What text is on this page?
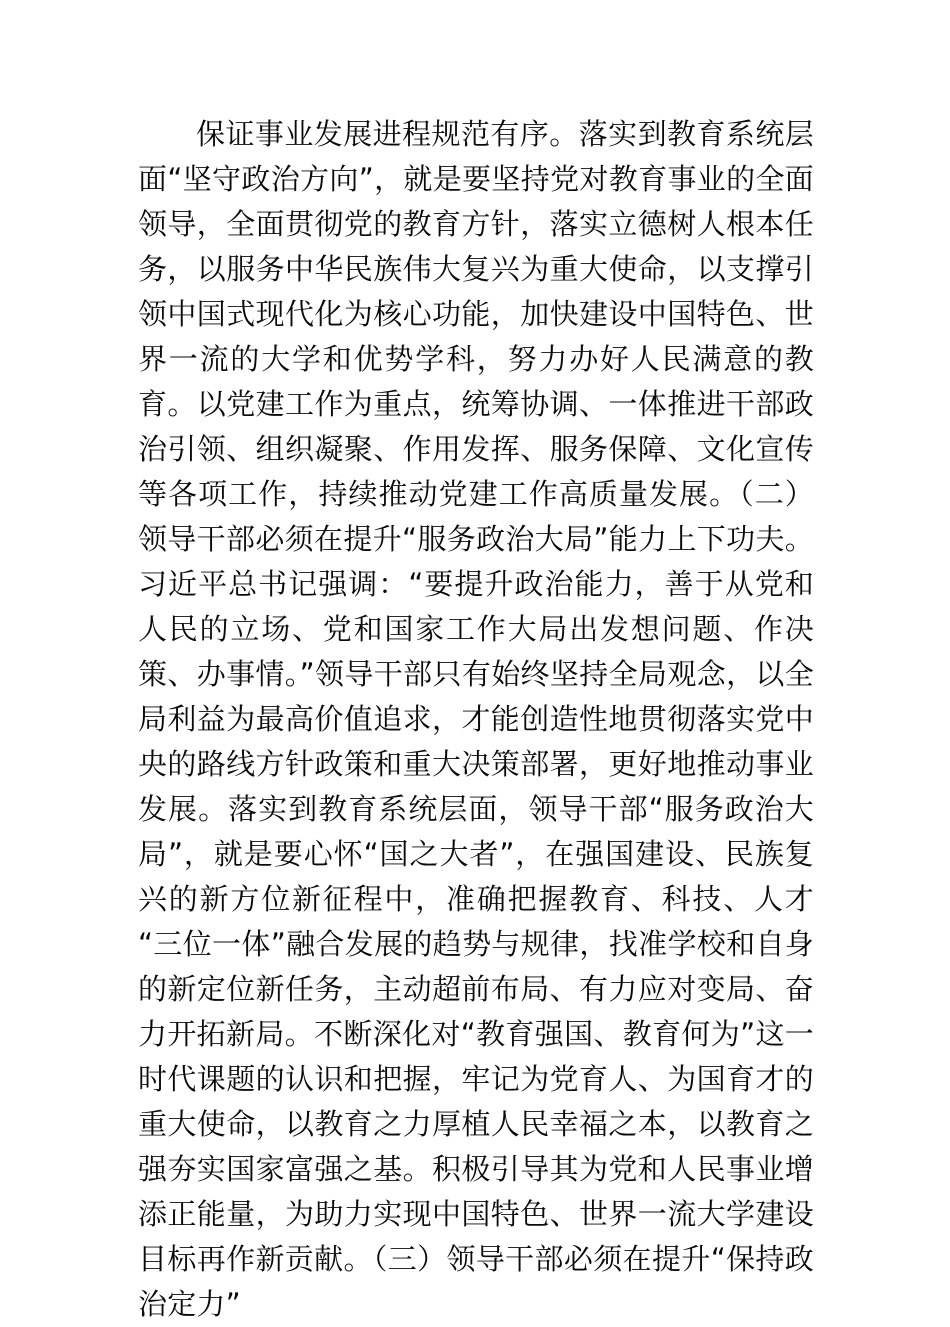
保证事业发展进程规范有序。落实到教育系统层面“坚守政治方向”，就是要坚持党对教育事业的全面领导，全面贯彻党的教育方针，落实立德树人根本任务，以服务中华民族伟大复兴为重大使命，以支撑引领中国式现代化为核心功能，加快建设中国特色、世界一流的大学和优势学科，努力办好人民满意的教育。以党建工作为重点，统筹协调、一体推进干部政治引领、组织凝聚、作用发挥、服务保障、文化宣传等各项工作，持续推动党建工作高质量发展。（二）领导干部必须在提升“服务政治大局”能力上下功夫。习近平总书记强调：“要提升政治能力，善于从党和人民的立场、党和国家工作大局出发想问题、作决策、办事情。”领导干部只有始终坚持全局观念，以全局利益为最高价值追求，才能创造性地贯彻落实党中央的路线方针政策和重大决策部署，更好地推动事业发展。落实到教育系统层面，领导干部“服务政治大局”，就是要心怀“国之大者”，在强国建设、民族复兴的新方位新征程中，准确把握教育、科技、人才“三位一体”融合发展的趋势与规律，找准学校和自身的新定位新任务，主动超前布局、有力应对变局、奋力开拓新局。不断深化对“教育强国、教育何为”这一时代课题的认识和把握，牢记为党育人、为国育才的重大使命，以教育之力厚植人民幸福之本，以教育之强夯实国家富强之基。积极引导其为党和人民事业增添正能量，为助力实现中国特色、世界一流大学建设目标再作新贡献。（三）领导干部必须在提升“保持政治定力”
